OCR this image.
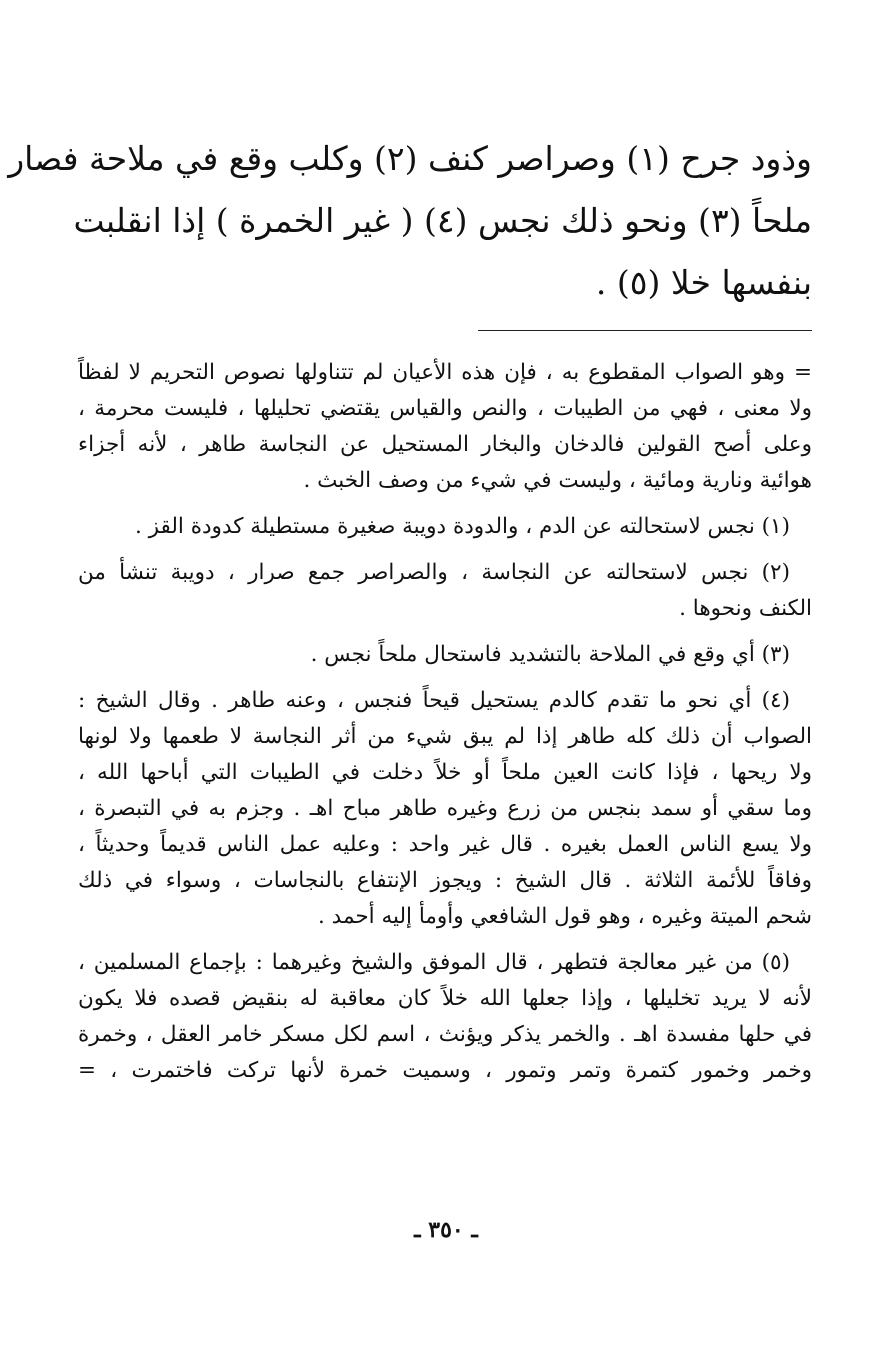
وذود جرح (١) وصراصر كنف (٢) وكلب وقع في ملاحة فصار
ملحاً (٣) ونحو ذلك نجس (٤) ( غير الخمرة ) إذا انقلبت
بنفسها خلا (٥) .
= وهو الصواب المقطوع به ، فإن هذه الأعيان لم تتناولها نصوص التحريم لا لفظاً
ولا معنى ، فهي من الطيبات ، والنص والقياس يقتضي تحليلها ، فليست محرمة ،
وعلى أصح القولين فالدخان والبخار المستحيل عن النجاسة طاهر ، لأنه أجزاء
هوائية ونارية ومائية ، وليست في شيء من وصف الخبث .
(١) نجس لاستحالته عن الدم ، والدودة دويبة صغيرة مستطيلة كدودة القز .
(٢) نجس لاستحالته عن النجاسة ، والصراصر جمع صرار ، دويبة تنشأ من
الكنف ونحوها .
(٣) أي وقع في الملاحة بالتشديد فاستحال ملحاً نجس .
(٤) أي نحو ما تقدم كالدم يستحيل قيحاً فنجس ، وعنه طاهر . وقال الشيخ :
الصواب أن ذلك كله طاهر إذا لم يبق شيء من أثر النجاسة لا طعمها ولا لونها
ولا ريحها ، فإذا كانت العين ملحاً أو خلاً دخلت في الطيبات التي أباحها الله ،
وما سقي أو سمد بنجس من زرع وغيره طاهر مباح اهـ . وجزم به في التبصرة ،
ولا يسع الناس العمل بغيره . قال غير واحد : وعليه عمل الناس قديماً وحديثاً ،
وفاقاً للأئمة الثلاثة . قال الشيخ : ويجوز الإنتفاع بالنجاسات ، وسواء في ذلك
شحم الميتة وغيره ، وهو قول الشافعي وأومأ إليه أحمد .
(٥) من غير معالجة فتطهر ، قال الموفق والشيخ وغيرهما : بإجماع المسلمين ،
لأنه لا يريد تخليلها ، وإذا جعلها الله خلاً كان معاقبة له بنقيض قصده فلا يكون
في حلها مفسدة اهـ . والخمر يذكر ويؤنث ، اسم لكل مسكر خامر العقل ، وخمرة
وخمر وخمور كتمرة وتمر وتمور ، وسميت خمرة لأنها تركت فاختمرت ، =
ـ ٣٥٠ ـ
